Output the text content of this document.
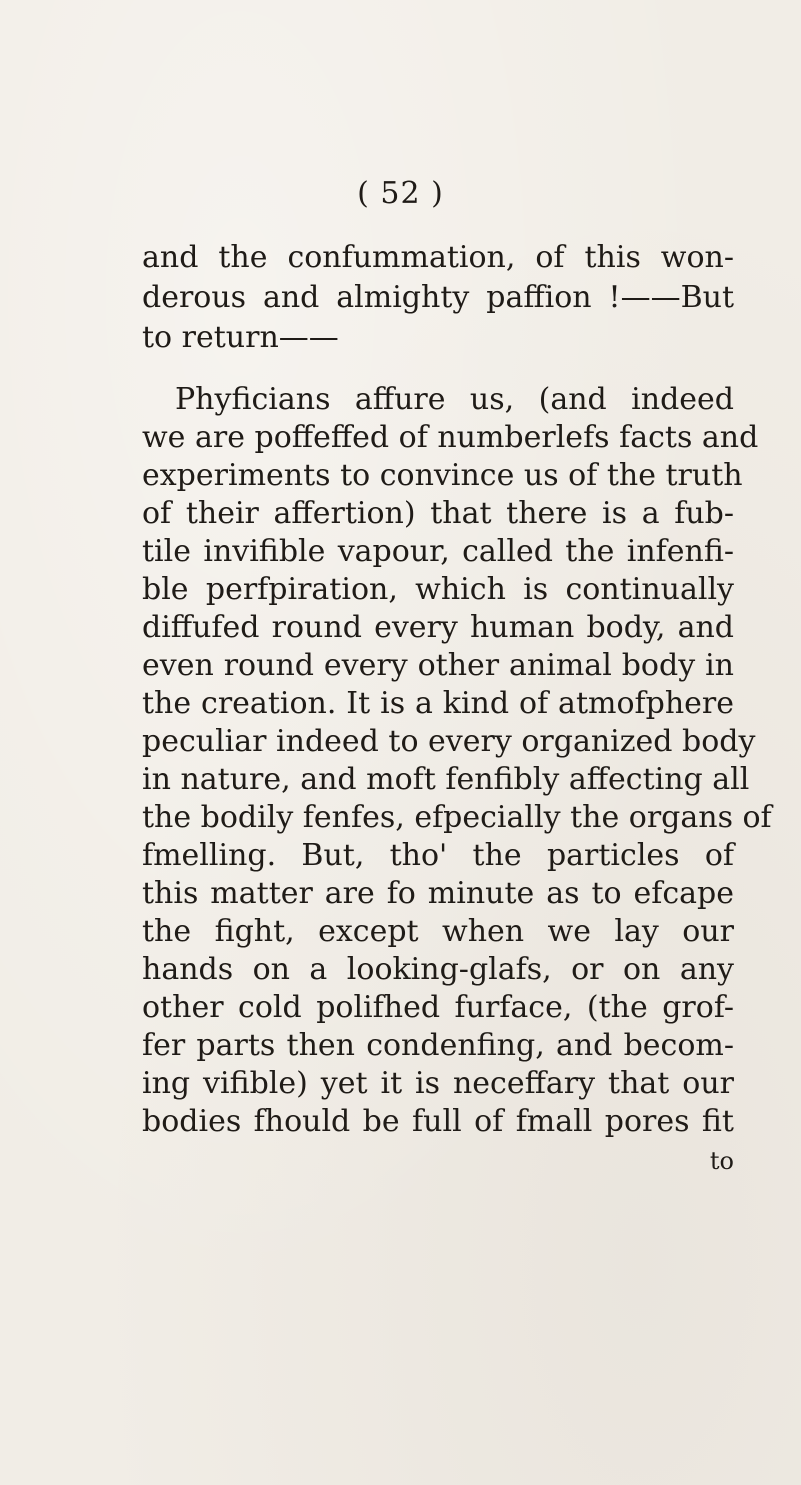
( 52 )
and the confummation, of this won-
derous and almighty paffion !——But
to return——
Phyficians affure us, (and indeed
we are poffeffed of numberlefs facts and
experiments to convince us of the truth
of their affertion) that there is a fub-
tile invifible vapour, called the infenfi-
ble perfpiration, which is continually
diffufed round every human body, and
even round every other animal body in
the creation. It is a kind of atmofphere
peculiar indeed to every organized body
in nature, and moft fenfibly affecting all
the bodily fenfes, efpecially the organs of
fmelling. But, tho' the particles of
this matter are fo minute as to efcape
the fight, except when we lay our
hands on a looking-glafs, or on any
other cold polifhed furface, (the grof-
fer parts then condenfing, and becom-
ing vifible) yet it is neceffary that our
bodies fhould be full of fmall pores fit
to
